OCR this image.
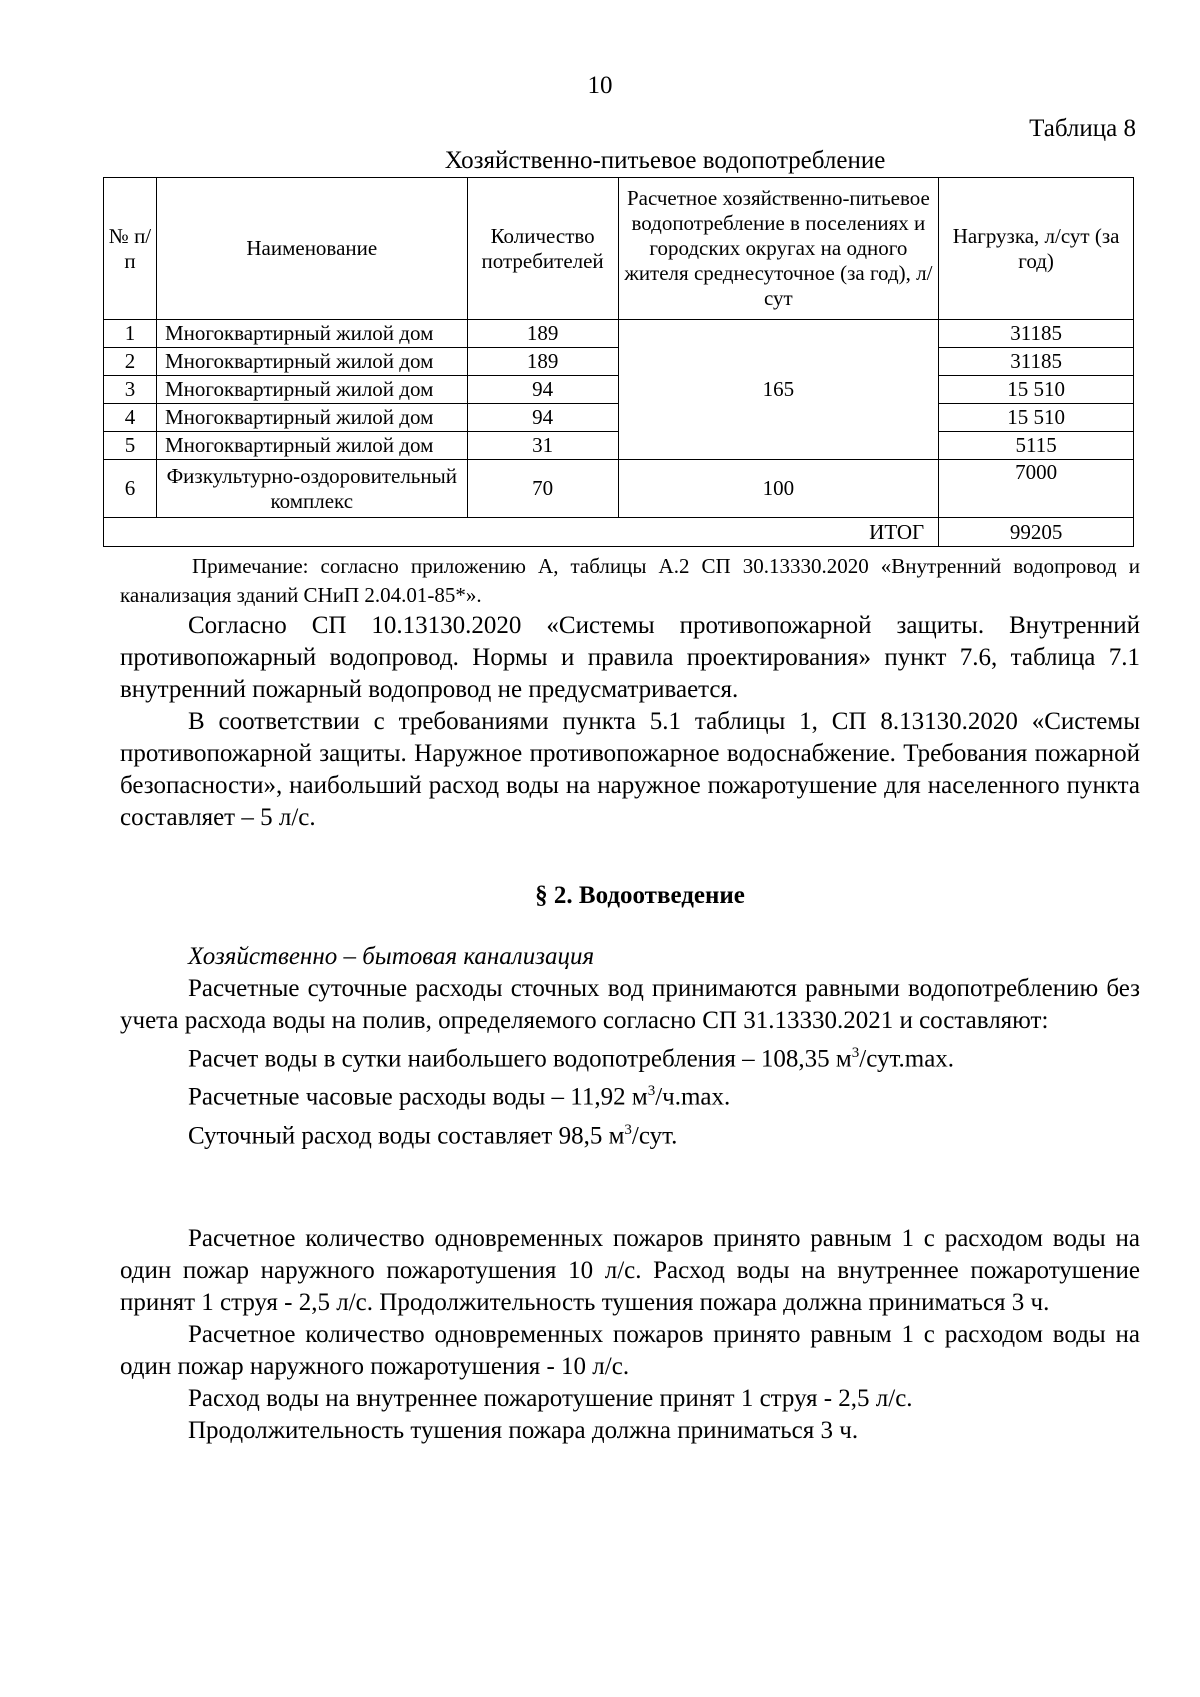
10
Таблица 8
Хозяйственно-питьевое водопотребление
№ п/п	Наименование	Количество потребителей	Расчетное хозяйственно-питьевое водопотребление в поселениях и городских округах на одного жителя среднесуточное (за год), л/сут	Нагрузка, л/сут (за год)
1	Многоквартирный жилой дом	189	165	31185
2	Многоквартирный жилой дом	189		31185
3	Многоквартирный жилой дом	94		15 510
4	Многоквартирный жилой дом	94		15 510
5	Многоквартирный жилой дом	31		5115
6	Физкультурно-оздоровительный комплекс	70	100	7000
ИТОГ				99205
Примечание: согласно приложению А, таблицы А.2 СП 30.13330.2020 «Внутренний водопровод и канализация зданий СНиП 2.04.01-85*».

Согласно СП 10.13130.2020 «Системы противопожарной защиты. Внутренний противопожарный водопровод. Нормы и правила проектирования» пункт 7.6, таблица 7.1 внутренний пожарный водопровод не предусматривается.

В соответствии с требованиями пункта 5.1 таблицы 1, СП 8.13130.2020 «Системы противопожарной защиты. Наружное противопожарное водоснабжение. Требования пожарной безопасности», наибольший расход воды на наружное пожаротушение для населенного пункта составляет – 5 л/с.

§ 2. Водоотведение

Хозяйственно – бытовая канализация

Расчетные суточные расходы сточных вод принимаются равными водопотреблению без учета расхода воды на полив, определяемого согласно СП 31.13330.2021 и составляют:

Расчет воды в сутки наибольшего водопотребления – 108,35 $м^3/сут.\max$.

Расчетные часовые расходы воды – 11,92 $м^3/ч.\max$.

Суточный расход воды составляет 98,5 $м^3$/сут.

Расчетное количество одновременных пожаров принято равным 1 с расходом воды на один пожар наружного пожаротушения 10 л/с. Расход воды на внутреннее пожаротушение принят 1 струя - 2,5 л/с. Продолжительность тушения пожара должна приниматься 3 ч.

Расчетное количество одновременных пожаров принято равным 1 с расходом воды на один пожар наружного пожаротушения - 10 л/с.

Расход воды на внутреннее пожаротушение принят 1 струя - 2,5 л/с.

Продолжительность тушения пожара должна приниматься 3 ч.
